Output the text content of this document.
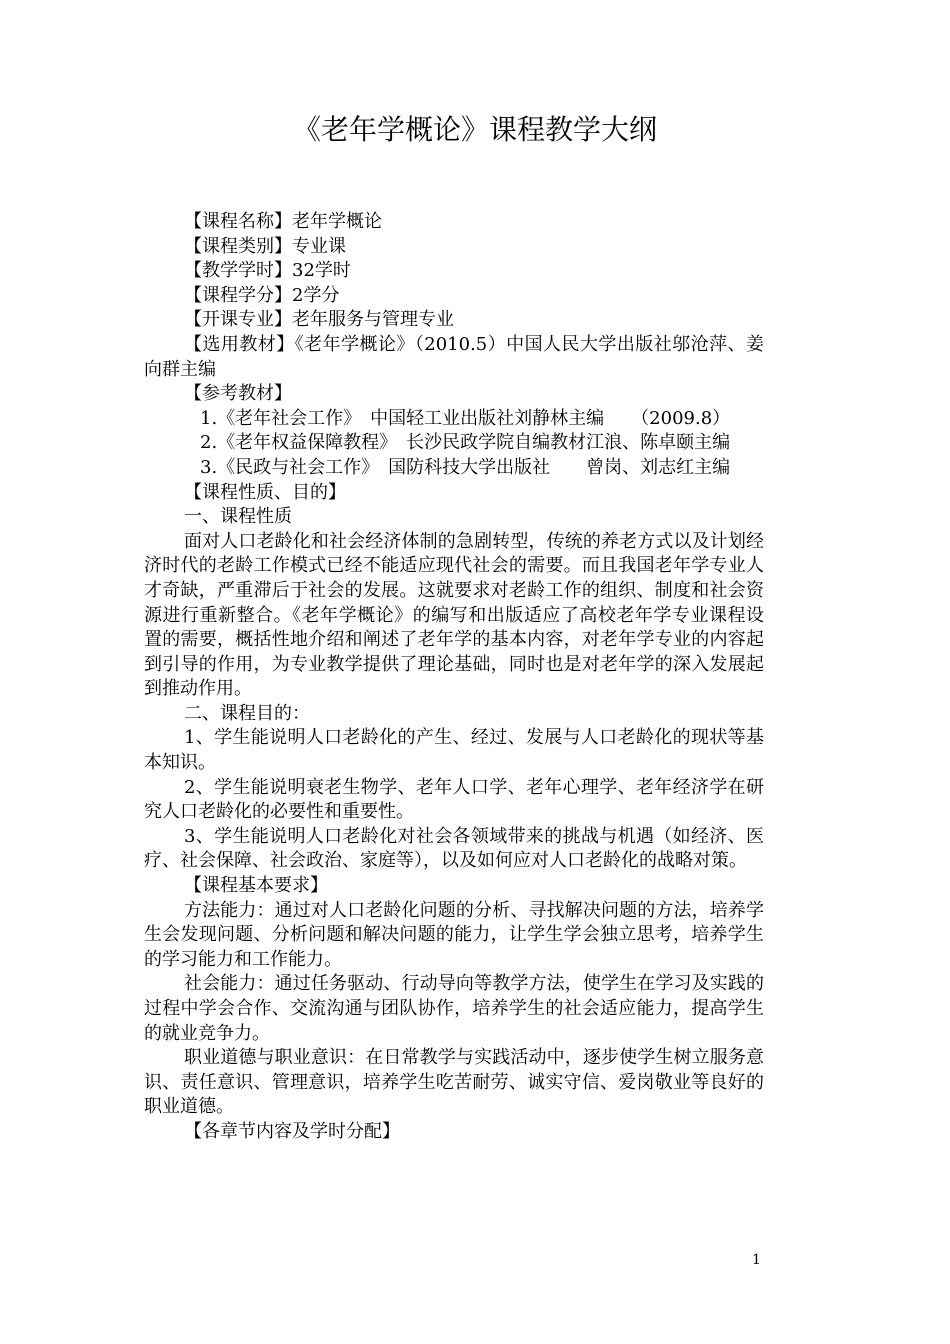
《老年学概论》课程教学大纲

【课程名称】老年学概论

【课程类别】专业课

【教学学时】32学时

【课程学分】2学分

【开课专业】老年服务与管理专业

【选用教材】《老年学概论》（2010.5）中国人民大学出版社邬沧萍、姜向群主编

【参考教材】

1.《老年社会工作》　中国轻工业出版社刘静林主编　　（2009.8）

2.《老年权益保障教程》　长沙民政学院自编教材江浪、陈卓颐主编

3.《民政与社会工作》　国防科技大学出版社　　曾岗、刘志红主编

【课程性质、目的】

一、课程性质

面对人口老龄化和社会经济体制的急剧转型，传统的养老方式以及计划经济时代的老龄工作模式已经不能适应现代社会的需要。而且我国老年学专业人才奇缺，严重滞后于社会的发展。这就要求对老龄工作的组织、制度和社会资源进行重新整合。《老年学概论》的编写和出版适应了高校老年学专业课程设置的需要，概括性地介绍和阐述了老年学的基本内容，对老年学专业的内容起到引导的作用，为专业教学提供了理论基础，同时也是对老年学的深入发展起到推动作用。

二、课程目的：

1、学生能说明人口老龄化的产生、经过、发展与人口老龄化的现状等基本知识。

2、学生能说明衰老生物学、老年人口学、老年心理学、老年经济学在研究人口老龄化的必要性和重要性。

3、学生能说明人口老龄化对社会各领域带来的挑战与机遇（如经济、医疗、社会保障、社会政治、家庭等），以及如何应对人口老龄化的战略对策。

【课程基本要求】

方法能力：通过对人口老龄化问题的分析、寻找解决问题的方法，培养学生会发现问题、分析问题和解决问题的能力，让学生学会独立思考，培养学生的学习能力和工作能力。

社会能力：通过任务驱动、行动导向等教学方法，使学生在学习及实践的过程中学会合作、交流沟通与团队协作，培养学生的社会适应能力，提高学生的就业竞争力。

职业道德与职业意识：在日常教学与实践活动中，逐步使学生树立服务意识、责任意识、管理意识，培养学生吃苦耐劳、诚实守信、爱岗敬业等良好的职业道德。

【各章节内容及学时分配】

1
